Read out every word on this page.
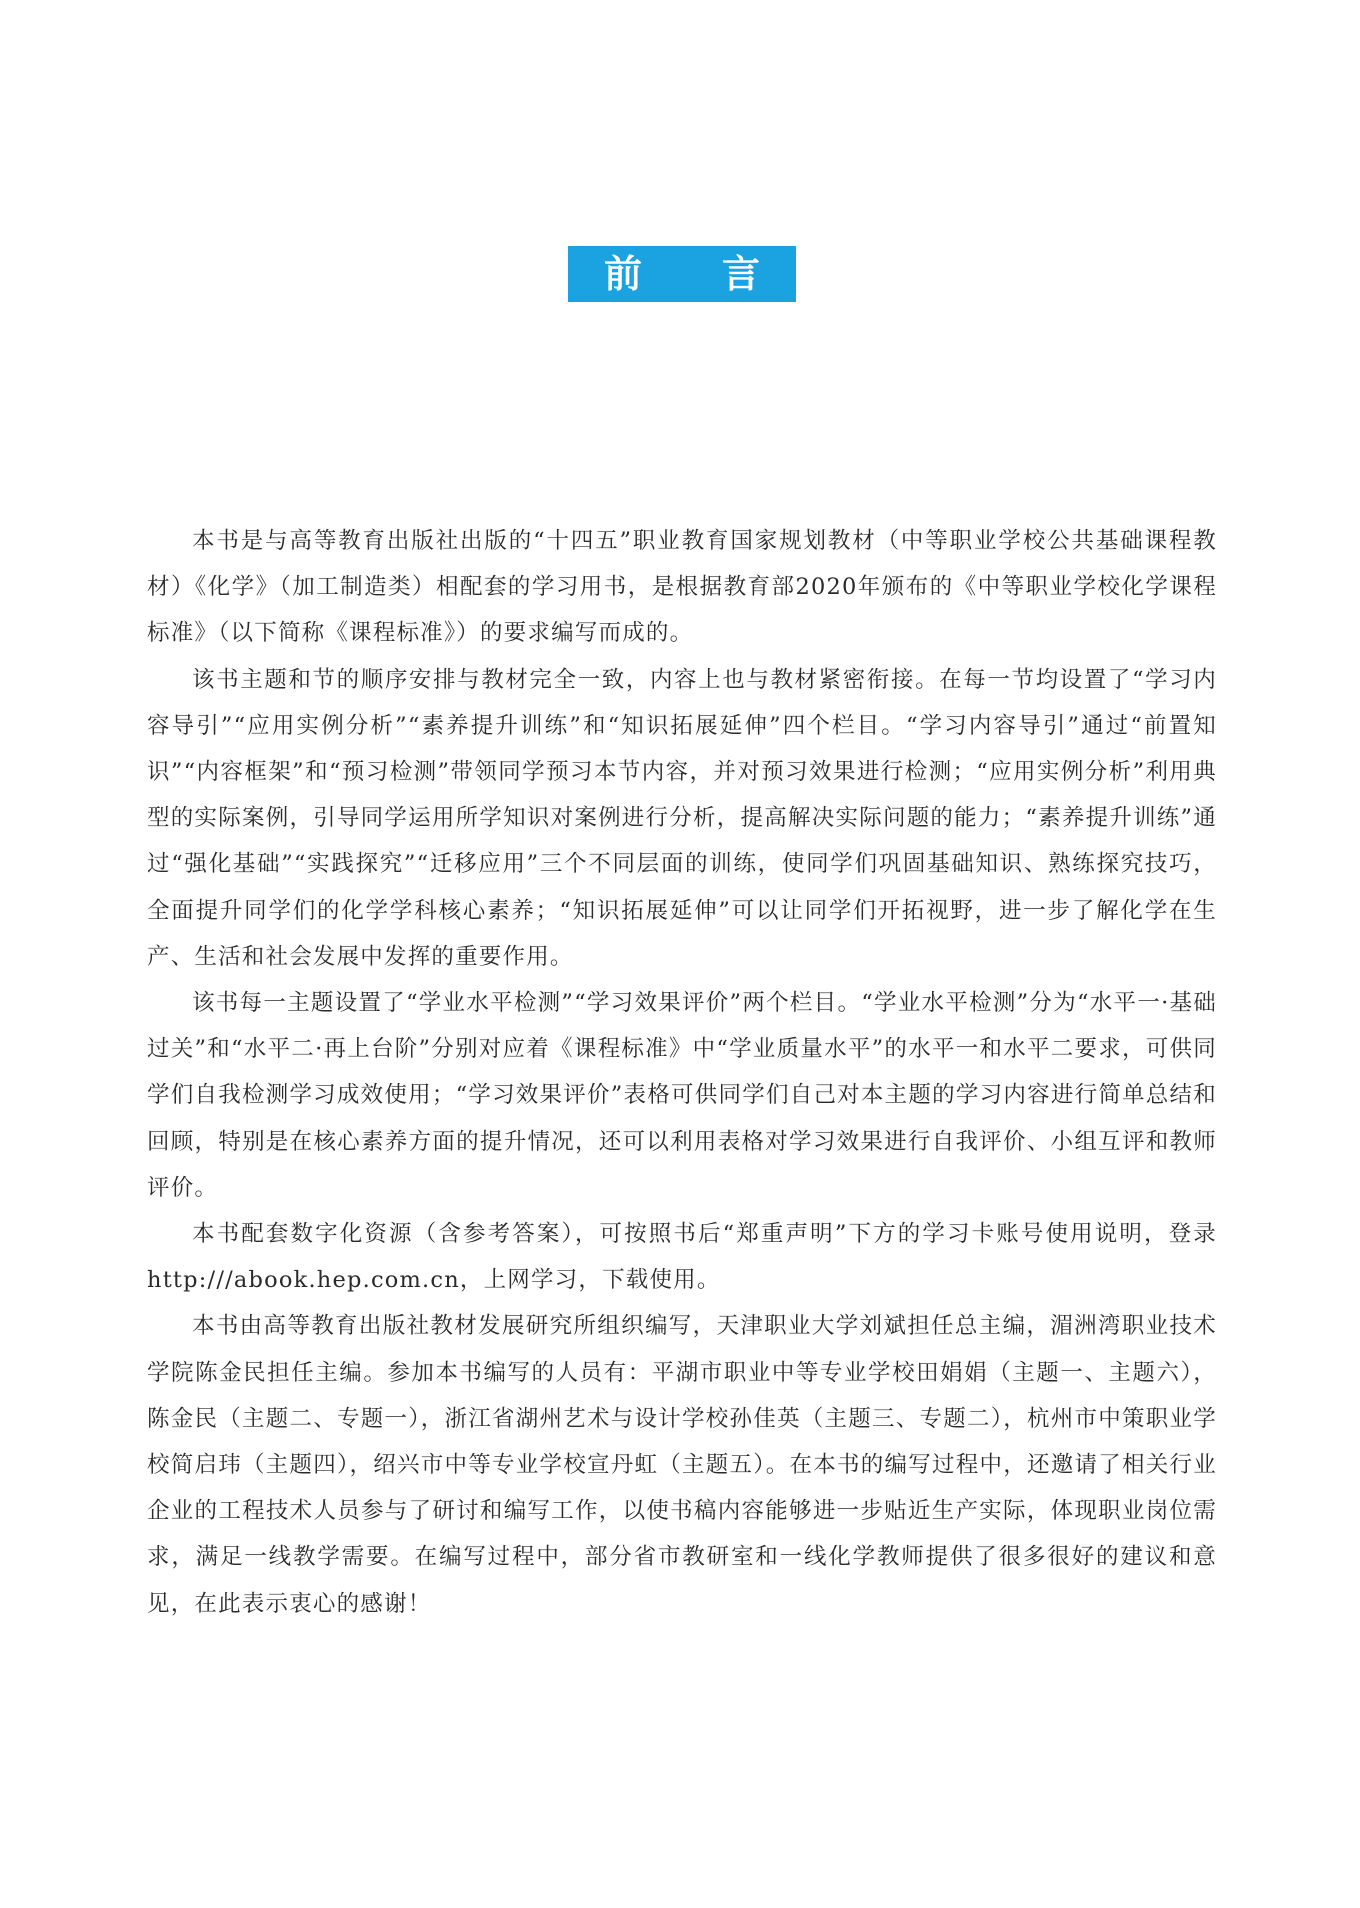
前 言

本书是与高等教育出版社出版的“十四五”职业教育国家规划教材（中等职业学校公共基础课程教材）《化学》（加工制造类）相配套的学习用书，是根据教育部2020年颁布的《中等职业学校化学课程标准》（以下简称《课程标准》）的要求编写而成的。

该书主题和节的顺序安排与教材完全一致，内容上也与教材紧密衔接。在每一节均设置了“学习内容导引”“应用实例分析”“素养提升训练”和“知识拓展延伸”四个栏目。“学习内容导引”通过“前置知识”“内容框架”和“预习检测”带领同学预习本节内容，并对预习效果进行检测；“应用实例分析”利用典型的实际案例，引导同学运用所学知识对案例进行分析，提高解决实际问题的能力；“素养提升训练”通过“强化基础”“实践探究”“迁移应用”三个不同层面的训练，使同学们巩固基础知识、熟练探究技巧，全面提升同学们的化学学科核心素养；“知识拓展延伸”可以让同学们开拓视野，进一步了解化学在生产、生活和社会发展中发挥的重要作用。

该书每一主题设置了“学业水平检测”“学习效果评价”两个栏目。“学业水平检测”分为“水平一·基础过关”和“水平二·再上台阶”分别对应着《课程标准》中“学业质量水平”的水平一和水平二要求，可供同学们自我检测学习成效使用；“学习效果评价”表格可供同学们自己对本主题的学习内容进行简单总结和回顾，特别是在核心素养方面的提升情况，还可以利用表格对学习效果进行自我评价、小组互评和教师评价。

本书配套数字化资源（含参考答案），可按照书后“郑重声明”下方的学习卡账号使用说明，登录 http:///abook.hep.com.cn，上网学习，下载使用。

本书由高等教育出版社教材发展研究所组织编写，天津职业大学刘斌担任总主编，湄洲湾职业技术学院陈金民担任主编。参加本书编写的人员有：平湖市职业中等专业学校田娟娟（主题一、主题六），陈金民（主题二、专题一），浙江省湖州艺术与设计学校孙佳英（主题三、专题二），杭州市中策职业学校简启玮（主题四），绍兴市中等专业学校宣丹虹（主题五）。在本书的编写过程中，还邀请了相关行业企业的工程技术人员参与了研讨和编写工作，以使书稿内容能够进一步贴近生产实际，体现职业岗位需求，满足一线教学需要。在编写过程中，部分省市教研室和一线化学教师提供了很多很好的建议和意见，在此表示衷心的感谢！
